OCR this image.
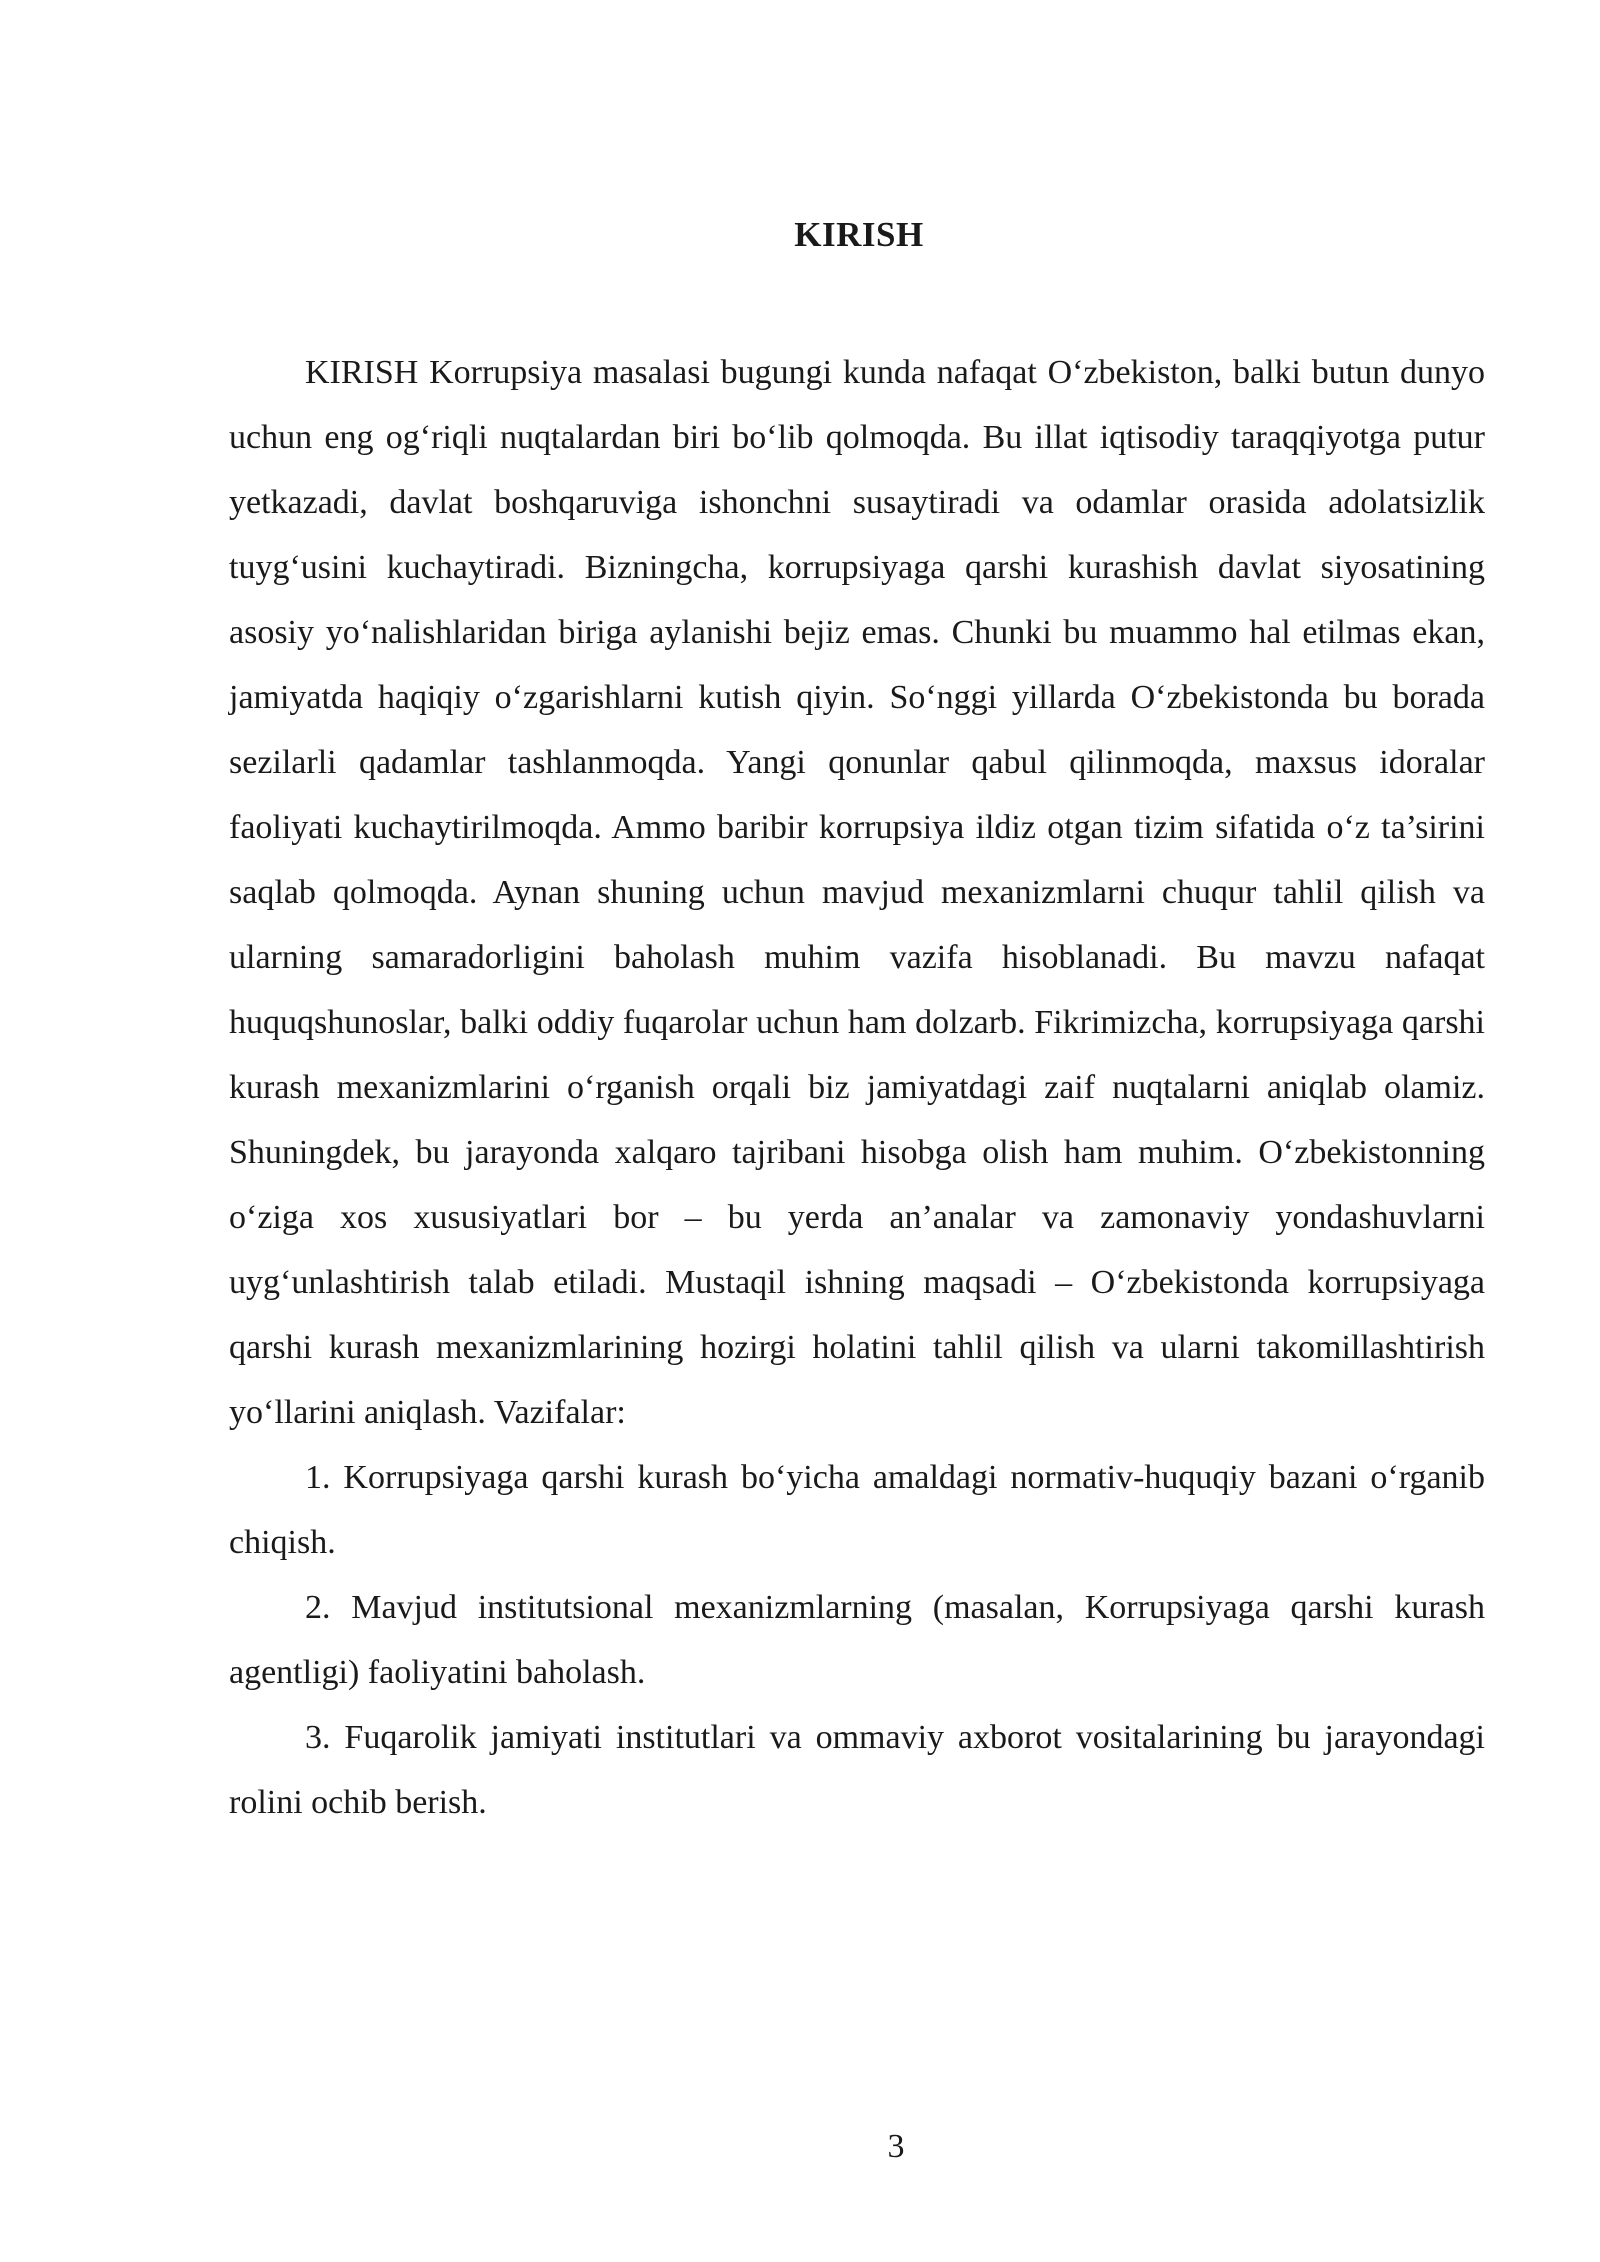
KIRISH

KIRISH Korrupsiya masalasi bugungi kunda nafaqat O‘zbekiston, balki butun dunyo uchun eng og‘riqli nuqtalardan biri bo‘lib qolmoqda. Bu illat iqtisodiy taraqqiyotga putur yetkazadi, davlat boshqaruviga ishonchni susaytiradi va odamlar orasida adolatsizlik tuyg‘usini kuchaytiradi. Bizningcha, korrupsiyaga qarshi kurashish davlat siyosatining asosiy yo‘nalishlaridan biriga aylanishi bejiz emas. Chunki bu muammo hal etilmas ekan, jamiyatda haqiqiy o‘zgarishlarni kutish qiyin. So‘nggi yillarda O‘zbekistonda bu borada sezilarli qadamlar tashlanmoqda. Yangi qonunlar qabul qilinmoqda, maxsus idoralar faoliyati kuchaytirilmoqda. Ammo baribir korrupsiya ildiz otgan tizim sifatida o‘z ta’sirini saqlab qolmoqda. Aynan shuning uchun mavjud mexanizmlarni chuqur tahlil qilish va ularning samaradorligini baholash muhim vazifa hisoblanadi. Bu mavzu nafaqat huquqshunoslar, balki oddiy fuqarolar uchun ham dolzarb. Fikrimizcha, korrupsiyaga qarshi kurash mexanizmlarini o‘rganish orqali biz jamiyatdagi zaif nuqtalarni aniqlab olamiz. Shuningdek, bu jarayonda xalqaro tajribani hisobga olish ham muhim. O‘zbekistonning o‘ziga xos xususiyatlari bor – bu yerda an’analar va zamonaviy yondashuvlarni uyg‘unlashtirish talab etiladi. Mustaqil ishning maqsadi – O‘zbekistonda korrupsiyaga qarshi kurash mexanizmlarining hozirgi holatini tahlil qilish va ularni takomillashtirish yo‘llarini aniqlash. Vazifalar:

1. Korrupsiyaga qarshi kurash bo‘yicha amaldagi normativ-huquqiy bazani o‘rganib chiqish.

2. Mavjud institutsional mexanizmlarning (masalan, Korrupsiyaga qarshi kurash agentligi) faoliyatini baholash.

3. Fuqarolik jamiyati institutlari va ommaviy axborot vositalarining bu jarayondagi rolini ochib berish.

3
